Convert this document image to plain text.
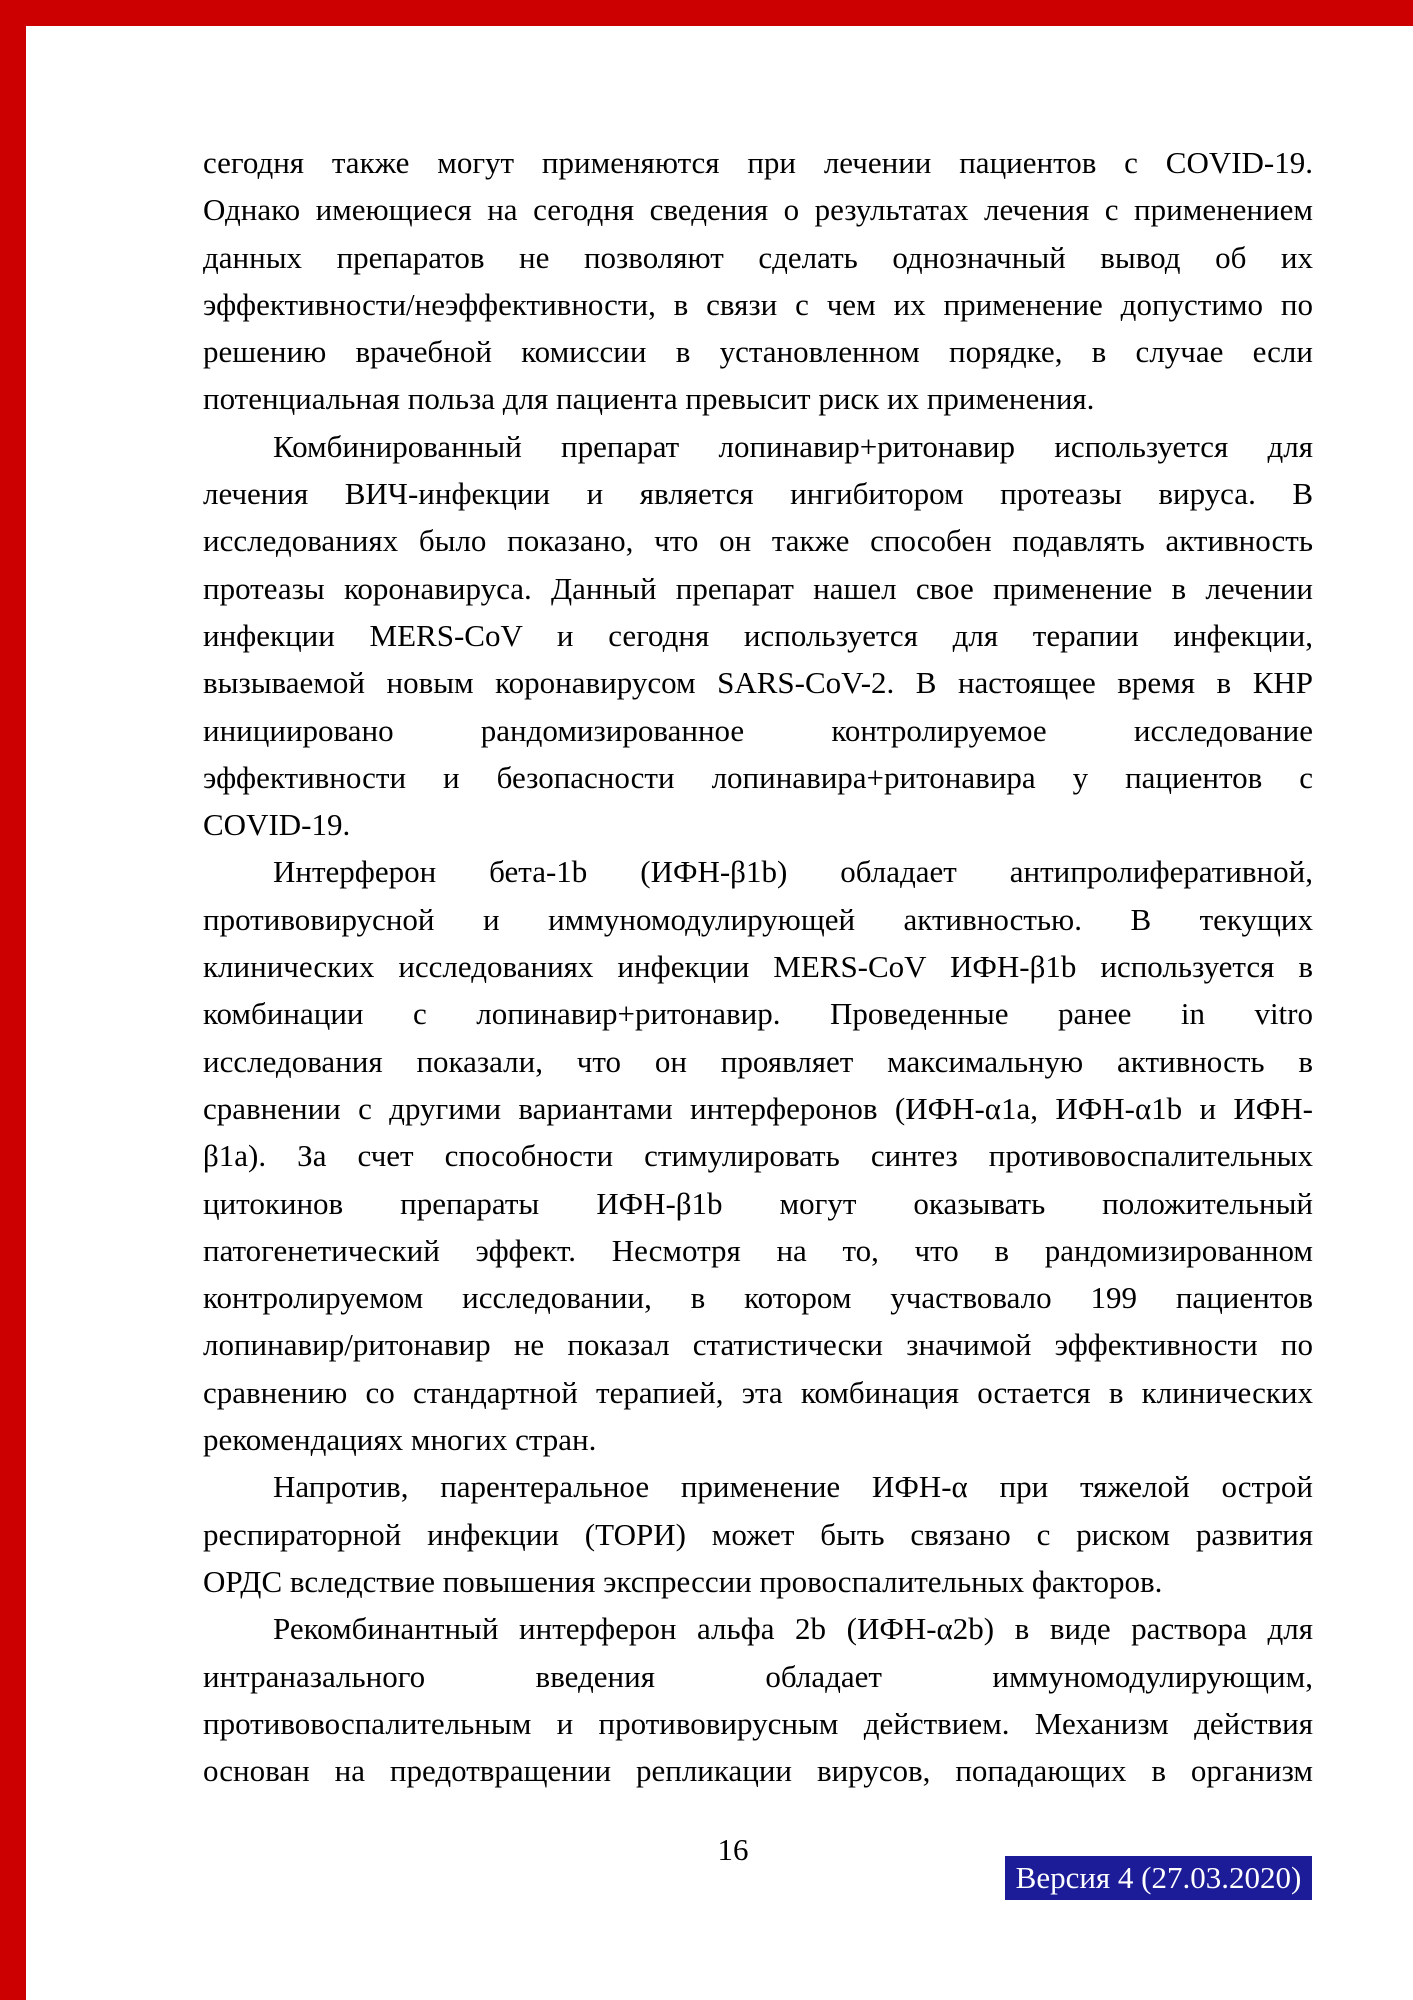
сегодня также могут применяются при лечении пациентов с COVID-19.
Однако имеющиеся на сегодня сведения о результатах лечения с применением
данных препаратов не позволяют сделать однозначный вывод об их
эффективности/неэффективности, в связи с чем их применение допустимо по
решению врачебной комиссии в установленном порядке, в случае если
потенциальная польза для пациента превысит риск их применения.
Комбинированный препарат лопинавир+ритонавир используется для
лечения ВИЧ-инфекции и является ингибитором протеазы вируса. В
исследованиях было показано, что он также способен подавлять активность
протеазы коронавируса. Данный препарат нашел свое применение в лечении
инфекции MERS-CoV и сегодня используется для терапии инфекции,
вызываемой новым коронавирусом SARS-CoV-2. В настоящее время в КНР
инициировано рандомизированное контролируемое исследование
эффективности и безопасности лопинавира+ритонавира у пациентов с
COVID-19.
Интерферон бета-1b (ИФН-β1b) обладает антипролиферативной,
противовирусной и иммуномодулирующей активностью. В текущих
клинических исследованиях инфекции MERS-CoV ИФН-β1b используется в
комбинации с лопинавир+ритонавир. Проведенные ранее in vitro
исследования показали, что он проявляет максимальную активность в
сравнении с другими вариантами интерферонов (ИФН-α1a, ИФН-α1b и ИФН-
β1a). За счет способности стимулировать синтез противовоспалительных
цитокинов препараты ИФН-β1b могут оказывать положительный
патогенетический эффект. Несмотря на то, что в рандомизированном
контролируемом исследовании, в котором участвовало 199 пациентов
лопинавир/ритонавир не показал статистически значимой эффективности по
сравнению со стандартной терапией, эта комбинация остается в клинических
рекомендациях многих стран.
Напротив, парентеральное применение ИФН-α при тяжелой острой
респираторной инфекции (ТОРИ) может быть связано с риском развития
ОРДС вследствие повышения экспрессии провоспалительных факторов.
Рекомбинантный интерферон альфа 2b (ИФН-α2b) в виде раствора для
интраназального введения обладает иммуномодулирующим,
противовоспалительным и противовирусным действием. Механизм действия
основан на предотвращении репликации вирусов, попадающих в организм
16
Версия 4 (27.03.2020)
